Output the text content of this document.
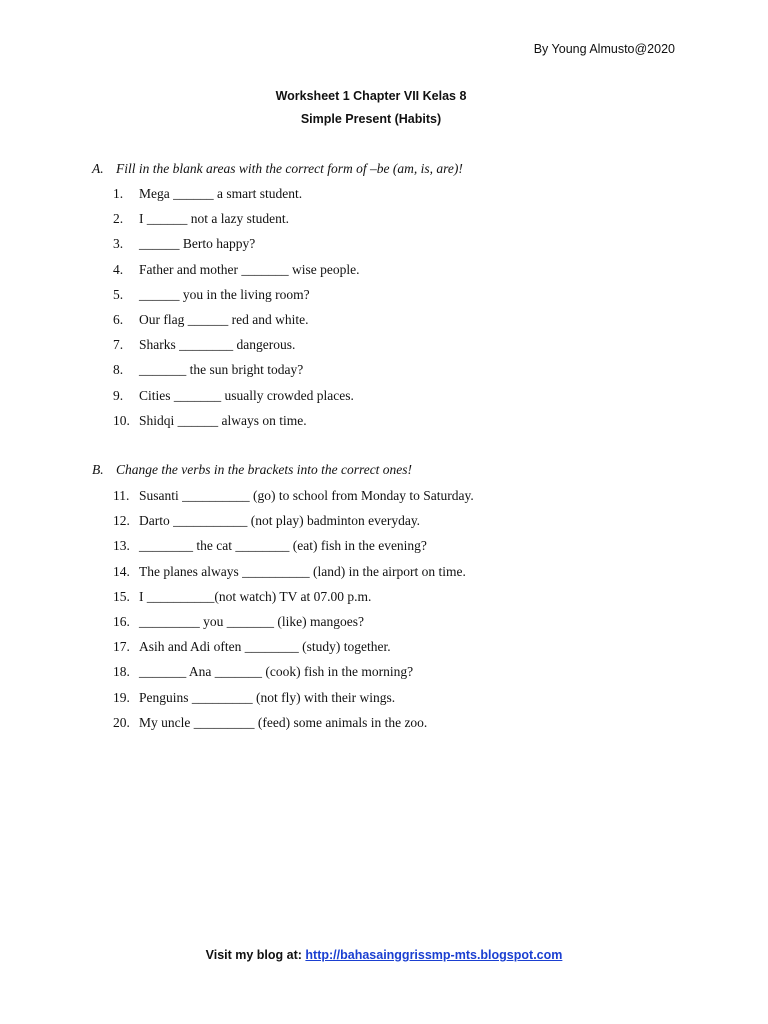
By Young Almusto@2020
Worksheet 1 Chapter VII Kelas 8
Simple Present (Habits)
A. Fill in the blank areas with the correct form of –be (am, is, are)!
1. Mega ______ a smart student.
2. I ______ not a lazy student.
3. ______ Berto happy?
4. Father and mother _______ wise people.
5. ______ you in the living room?
6. Our flag ______ red and white.
7. Sharks ________ dangerous.
8. _______ the sun bright today?
9. Cities _______ usually crowded places.
10. Shidqi ______ always on time.
B. Change the verbs in the brackets into the correct ones!
11. Susanti __________ (go) to school from Monday to Saturday.
12. Darto ___________ (not play) badminton everyday.
13. ________ the cat ________ (eat) fish in the evening?
14. The planes always __________ (land) in the airport on time.
15. I __________(not watch) TV at 07.00 p.m.
16. _________ you _______ (like) mangoes?
17. Asih and Adi often ________ (study) together.
18. _______ Ana _______ (cook) fish in the morning?
19. Penguins _________ (not fly) with their wings.
20. My uncle _________ (feed) some animals in the zoo.
Visit my blog at: http://bahasainggrissmp-mts.blogspot.com
